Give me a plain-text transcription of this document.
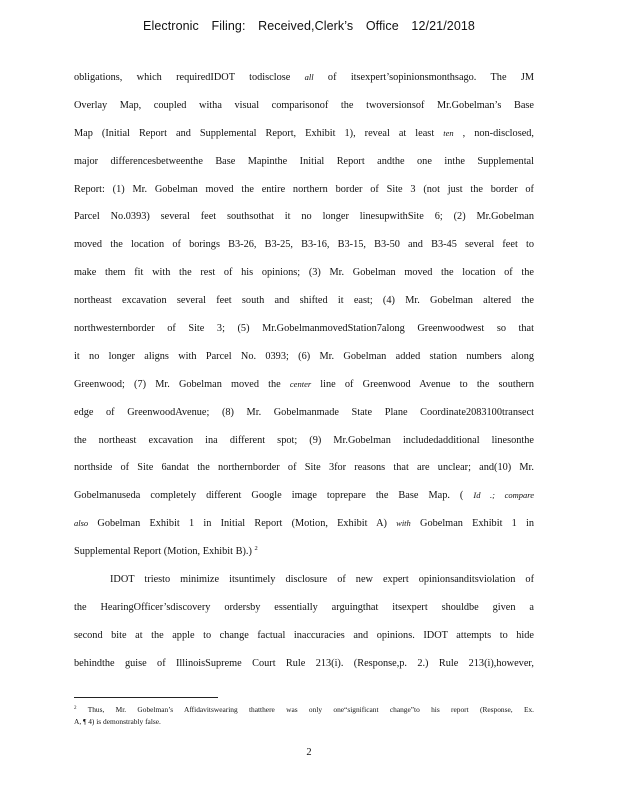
Electronic Filing: Received,Clerk’s Office 12/21/2018
obligations, which requiredIDOT todisclose all of itsexpert’sopinionsmonthsago. The JM
Overlay Map, coupled witha visual comparisonof the twoversionsof Mr.Gobelman’s Base
Map (Initial Report and Supplemental Report, Exhibit 1), reveal at least ten , non-disclosed,
major differencesbetweenthe Base Mapinthe Initial Report andthe one inthe Supplemental
Report: (1) Mr. Gobelman moved the entire northern border of Site 3 (not just the border of
Parcel No.0393) several feet southsothat it no longer linesupwithSite 6; (2) Mr.Gobelman
moved the location of borings B3-26, B3-25, B3-16, B3-15, B3-50 and B3-45 several feet to
make them fit with the rest of his opinions; (3) Mr. Gobelman moved the location of the
northeast excavation several feet south and shifted it east; (4) Mr. Gobelman altered the
northwesternborder of Site 3; (5) Mr.GobelmanmovedStation7along Greenwoodwest so that
it no longer aligns with Parcel No. 0393; (6) Mr. Gobelman added station numbers along
Greenwood; (7) Mr. Gobelman moved the center line of Greenwood Avenue to the southern
edge of GreenwoodAvenue; (8) Mr. Gobelmanmade State Plane Coordinate2083100transect
the northeast excavation ina different spot; (9) Mr.Gobelman includedadditional linesonthe
northside of Site 6andat the northernborder of Site 3for reasons that are unclear; and(10) Mr.
Gobelmanuseda completely different Google image toprepare the Base Map. ( Id .; compare
also Gobelman Exhibit 1 in Initial Report (Motion, Exhibit A) with Gobelman Exhibit 1 in
Supplemental Report (Motion, Exhibit B).) $^2$
IDOT triesto minimize itsuntimely disclosure of new expert opinionsanditsviolation of
the HearingOfficer’sdiscovery ordersby essentially arguingthat itsexpert shouldbe given a
second bite at the apple to change factual inaccuracies and opinions. IDOT attempts to hide
behindthe guise of IllinoisSupreme Court Rule 213(i). (Response,p. 2.) Rule 213(i),however,
$^2$ Thus, Mr. Gobelman’s Affidavitswearing thatthere was only one“significant change”to his report (Response, Ex.
A, ¶ 4) is demonstrably false.
2
